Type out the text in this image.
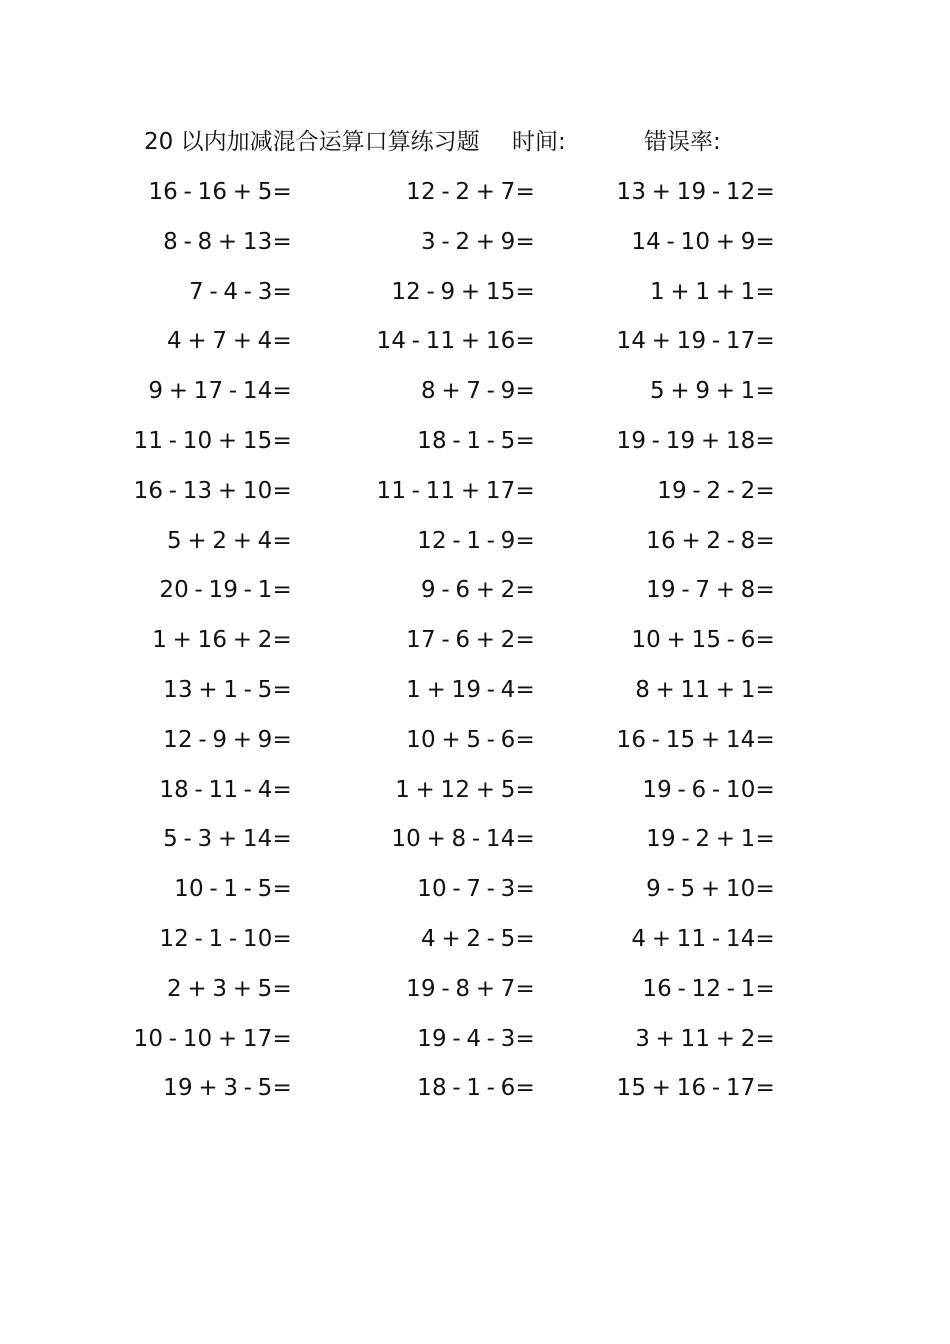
20 以内加减混合运算口算练习题 时间:	错误率:
16 - 16 + 5=
8 - 8 + 13=
7 - 4 - 3=
4 + 7 + 4=
9 + 17 - 14=
11 - 10 + 15=
16 - 13 + 10=
5 + 2 + 4=
20 - 19 - 1=
1 + 16 + 2=
13 + 1 - 5=
12 - 9 + 9=
18 - 11 - 4=
5 - 3 + 14=
10 - 1 - 5=
12 - 1 - 10=
2 + 3 + 5=
10 - 10 + 17=
19 + 3 - 5=
12 - 2 + 7=
3 - 2 + 9=
12 - 9 + 15=
14 - 11 + 16=
8 + 7 - 9=
18 - 1 - 5=
11 - 11 + 17=
12 - 1 - 9=
9 - 6 + 2=
17 - 6 + 2=
1 + 19 - 4=
10 + 5 - 6=
1 + 12 + 5=
10 + 8 - 14=
10 - 7 - 3=
4 + 2 - 5=
19 - 8 + 7=
19 - 4 - 3=
18 - 1 - 6=
13 + 19 - 12=
14 - 10 + 9=
1 + 1 + 1=
14 + 19 - 17=
5 + 9 + 1=
19 - 19 + 18=
19 - 2 - 2=
16 + 2 - 8=
19 - 7 + 8=
10 + 15 - 6=
8 + 11 + 1=
16 - 15 + 14=
19 - 6 - 10=
19 - 2 + 1=
9 - 5 + 10=
4 + 11 - 14=
16 - 12 - 1=
3 + 11 + 2=
15 + 16 - 17=
